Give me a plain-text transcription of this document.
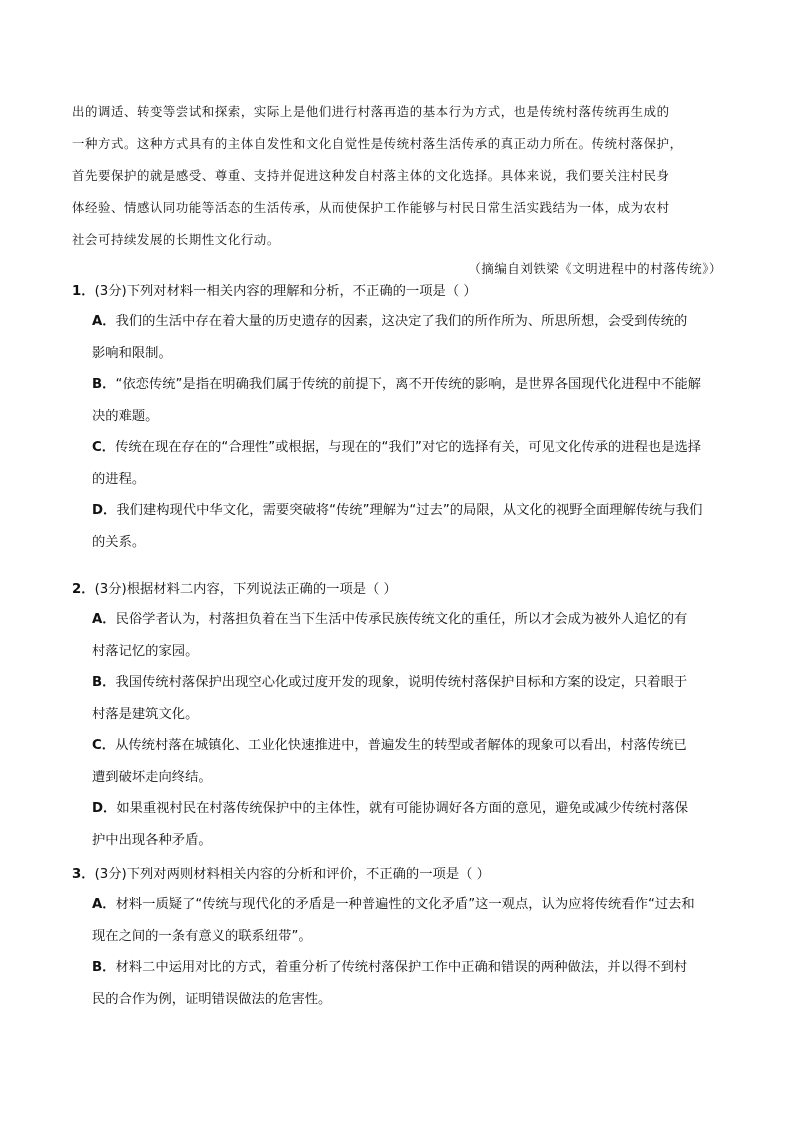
出的调适、转变等尝试和探索，实际上是他们进行村落再造的基本行为方式，也是传统村落传统再生成的
一种方式。这种方式具有的主体自发性和文化自觉性是传统村落生活传承的真正动力所在。传统村落保护，
首先要保护的就是感受、尊重、支持并促进这种发自村落主体的文化选择。具体来说，我们要关注村民身
体经验、情感认同功能等活态的生活传承，从而使保护工作能够与村民日常生活实践结为一体，成为农村
社会可持续发展的长期性文化行动。
（摘编自刘铁梁《文明进程中的村落传统》）
1．(3分)下列对材料一相关内容的理解和分析，不正确的一项是（ ）
A．我们的生活中存在着大量的历史遗存的因素，这决定了我们的所作所为、所思所想，会受到传统的
影响和限制。
B．“依恋传统”是指在明确我们属于传统的前提下，离不开传统的影响，是世界各国现代化进程中不能解
决的难题。
C．传统在现在存在的“合理性”或根据，与现在的“我们”对它的选择有关，可见文化传承的进程也是选择
的进程。
D．我们建构现代中华文化，需要突破将“传统”理解为“过去”的局限，从文化的视野全面理解传统与我们
的关系。
2．(3分)根据材料二内容，下列说法正确的一项是（ ）
A．民俗学者认为，村落担负着在当下生活中传承民族传统文化的重任，所以才会成为被外人追忆的有
村落记忆的家园。
B．我国传统村落保护出现空心化或过度开发的现象，说明传统村落保护目标和方案的设定，只着眼于
村落是建筑文化。
C．从传统村落在城镇化、工业化快速推进中，普遍发生的转型或者解体的现象可以看出，村落传统已
遭到破坏走向终结。
D．如果重视村民在村落传统保护中的主体性，就有可能协调好各方面的意见，避免或减少传统村落保
护中出现各种矛盾。
3．(3分)下列对两则材料相关内容的分析和评价，不正确的一项是（ ）
A．材料一质疑了“传统与现代化的矛盾是一种普遍性的文化矛盾”这一观点，认为应将传统看作“过去和
现在之间的一条有意义的联系纽带”。
B．材料二中运用对比的方式，着重分析了传统村落保护工作中正确和错误的两种做法，并以得不到村
民的合作为例，证明错误做法的危害性。
